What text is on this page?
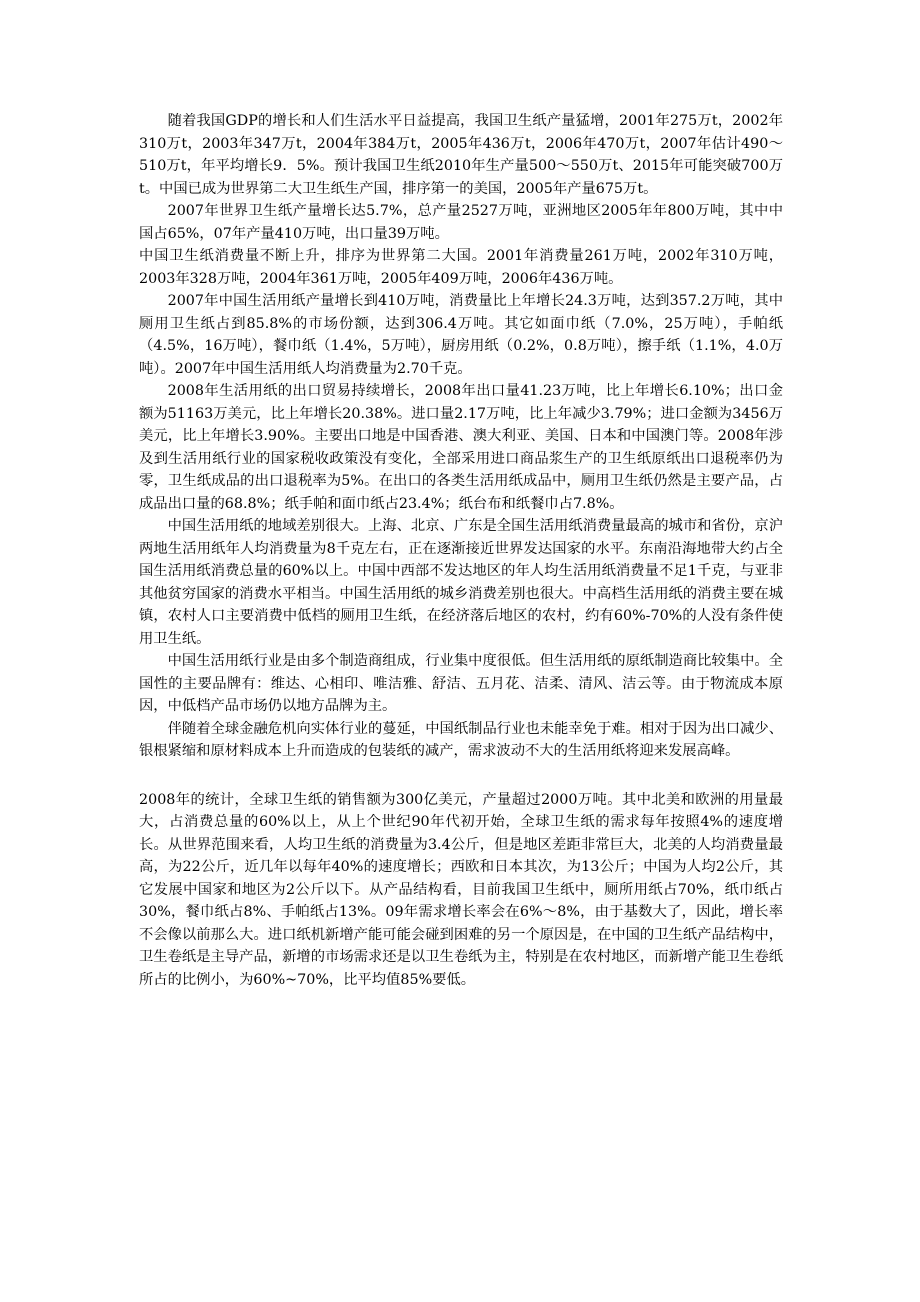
随着我国GDP的增长和人们生活水平日益提高，我国卫生纸产量猛增，2001年275万t，2002年310万t，2003年347万t，2004年384万t，2005年436万t，2006年470万t，2007年估计490～510万t，年平均增长9．5%。预计我国卫生纸2010年生产量500～550万t、2015年可能突破700万t。中国已成为世界第二大卫生纸生产国，排序第一的美国，2005年产量675万t。

2007年世界卫生纸产量增长达5.7%，总产量2527万吨，亚洲地区2005年年800万吨，其中中国占65%，07年产量410万吨，出口量39万吨。

中国卫生纸消费量不断上升，排序为世界第二大国。2001年消费量261万吨，2002年310万吨，2003年328万吨，2004年361万吨，2005年409万吨，2006年436万吨。

2007年中国生活用纸产量增长到410万吨，消费量比上年增长24.3万吨，达到357.2万吨，其中厕用卫生纸占到85.8%的市场份额，达到306.4万吨。其它如面巾纸（7.0%，25万吨），手帕纸（4.5%，16万吨），餐巾纸（1.4%，5万吨），厨房用纸（0.2%，0.8万吨），擦手纸（1.1%，4.0万吨）。2007年中国生活用纸人均消费量为2.70千克。

2008年生活用纸的出口贸易持续增长，2008年出口量41.23万吨，比上年增长6.10%；出口金额为51163万美元，比上年增长20.38%。进口量2.17万吨，比上年减少3.79%；进口金额为3456万美元，比上年增长3.90%。主要出口地是中国香港、澳大利亚、美国、日本和中国澳门等。2008年涉及到生活用纸行业的国家税收政策没有变化，全部采用进口商品浆生产的卫生纸原纸出口退税率仍为零，卫生纸成品的出口退税率为5%。在出口的各类生活用纸成品中，厕用卫生纸仍然是主要产品，占成品出口量的68.8%；纸手帕和面巾纸占23.4%；纸台布和纸餐巾占7.8%。

中国生活用纸的地域差别很大。上海、北京、广东是全国生活用纸消费量最高的城市和省份，京沪两地生活用纸年人均消费量为8千克左右，正在逐渐接近世界发达国家的水平。东南沿海地带大约占全国生活用纸消费总量的60%以上。中国中西部不发达地区的年人均生活用纸消费量不足1千克，与亚非其他贫穷国家的消费水平相当。中国生活用纸的城乡消费差别也很大。中高档生活用纸的消费主要在城镇，农村人口主要消费中低档的厕用卫生纸，在经济落后地区的农村，约有60%-70%的人没有条件使用卫生纸。

中国生活用纸行业是由多个制造商组成，行业集中度很低。但生活用纸的原纸制造商比较集中。全国性的主要品牌有：维达、心相印、唯洁雅、舒洁、五月花、洁柔、清风、洁云等。由于物流成本原因，中低档产品市场仍以地方品牌为主。

伴随着全球金融危机向实体行业的蔓延，中国纸制品行业也未能幸免于难。相对于因为出口减少、银根紧缩和原材料成本上升而造成的包装纸的减产，需求波动不大的生活用纸将迎来发展高峰。

2008年的统计，全球卫生纸的销售额为300亿美元，产量超过2000万吨。其中北美和欧洲的用量最大，占消费总量的60%以上，从上个世纪90年代初开始，全球卫生纸的需求每年按照4%的速度增长。从世界范围来看，人均卫生纸的消费量为3.4公斤，但是地区差距非常巨大，北美的人均消费量最高，为22公斤，近几年以每年40%的速度增长；西欧和日本其次，为13公斤；中国为人均2公斤，其它发展中国家和地区为2公斤以下。从产品结构看，目前我国卫生纸中，厕所用纸占70%，纸巾纸占30%，餐巾纸占8%、手帕纸占13%。09年需求增长率会在6%～8%，由于基数大了，因此，增长率不会像以前那么大。进口纸机新增产能可能会碰到困难的另一个原因是，在中国的卫生纸产品结构中，卫生卷纸是主导产品，新增的市场需求还是以卫生卷纸为主，特别是在农村地区，而新增产能卫生卷纸所占的比例小，为60%~70%，比平均值85%要低。
